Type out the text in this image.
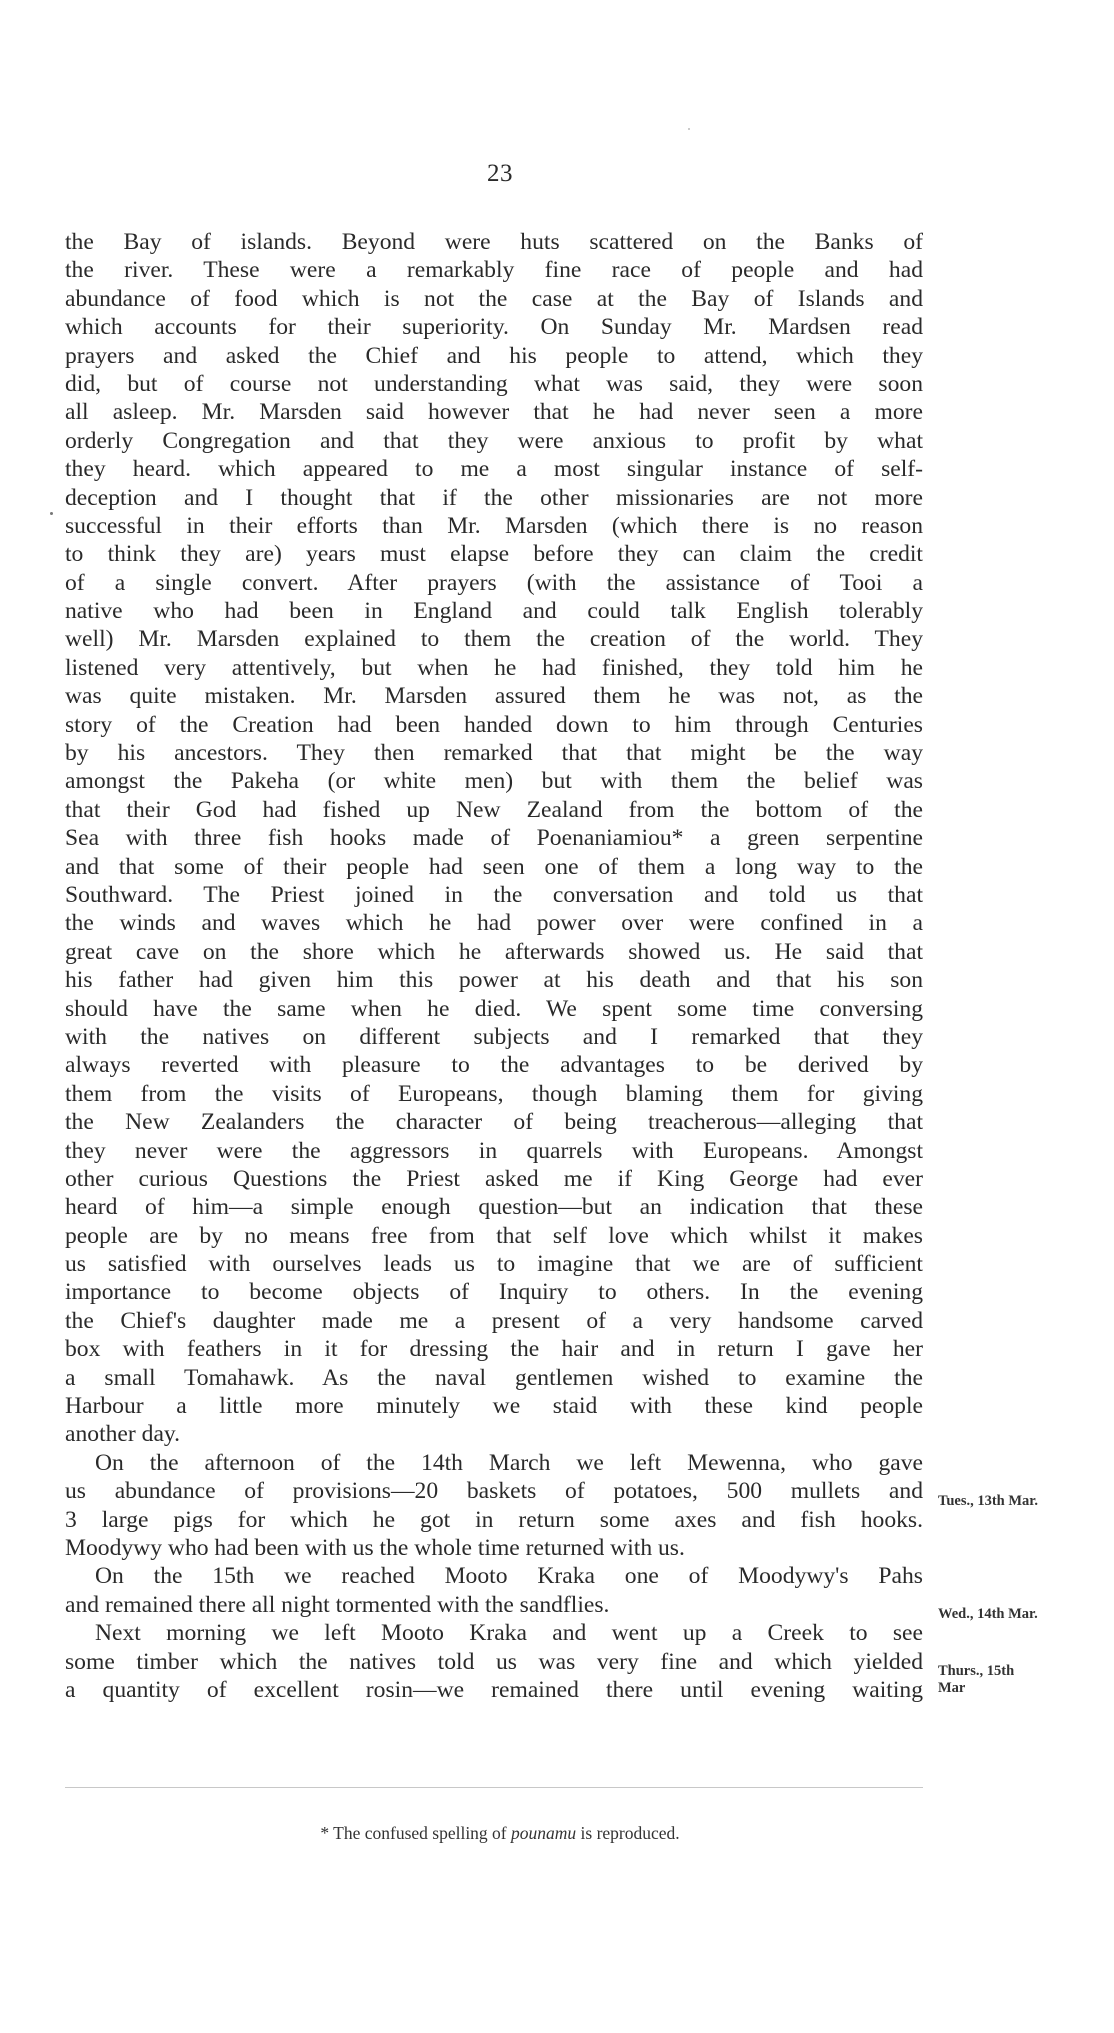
23
the Bay of islands. Beyond were huts scattered on the Banks of
the river. These were a remarkably fine race of people and had
abundance of food which is not the case at the Bay of Islands and
which accounts for their superiority. On Sunday Mr. Mardsen read
prayers and asked the Chief and his people to attend, which they
did, but of course not understanding what was said, they were soon
all asleep. Mr. Marsden said however that he had never seen a more
orderly Congregation and that they were anxious to profit by what
they heard. which appeared to me a most singular instance of self-
deception and I thought that if the other missionaries are not more
successful in their efforts than Mr. Marsden (which there is no reason
to think they are) years must elapse before they can claim the credit
of a single convert. After prayers (with the assistance of Tooi a
native who had been in England and could talk English tolerably
well) Mr. Marsden explained to them the creation of the world. They
listened very attentively, but when he had finished, they told him he
was quite mistaken. Mr. Marsden assured them he was not, as the
story of the Creation had been handed down to him through Centuries
by his ancestors. They then remarked that that might be the way
amongst the Pakeha (or white men) but with them the belief was
that their God had fished up New Zealand from the bottom of the
Sea with three fish hooks made of Poenaniamiou* a green serpentine
and that some of their people had seen one of them a long way to the
Southward. The Priest joined in the conversation and told us that
the winds and waves which he had power over were confined in a
great cave on the shore which he afterwards showed us. He said that
his father had given him this power at his death and that his son
should have the same when he died. We spent some time conversing
with the natives on different subjects and I remarked that they
always reverted with pleasure to the advantages to be derived by
them from the visits of Europeans, though blaming them for giving
the New Zealanders the character of being treacherous—alleging that
they never were the aggressors in quarrels with Europeans. Amongst
other curious Questions the Priest asked me if King George had ever
heard of him—a simple enough question—but an indication that these
people are by no means free from that self love which whilst it makes
us satisfied with ourselves leads us to imagine that we are of sufficient
importance to become objects of Inquiry to others. In the evening
the Chief's daughter made me a present of a very handsome carved
box with feathers in it for dressing the hair and in return I gave her
a small Tomahawk. As the naval gentlemen wished to examine the
Harbour a little more minutely we staid with these kind people
another day.
On the afternoon of the 14th March we left Mewenna, who gave
us abundance of provisions—20 baskets of potatoes, 500 mullets and
3 large pigs for which he got in return some axes and fish hooks.
Moodywy who had been with us the whole time returned with us.
On the 15th we reached Mooto Kraka one of Moodywy's Pahs
and remained there all night tormented with the sandflies.
Next morning we left Mooto Kraka and went up a Creek to see
some timber which the natives told us was very fine and which yielded
a quantity of excellent rosin—we remained there until evening waiting
Tues., 13th Mar.
Wed., 14th Mar.
Thurs., 15th
Mar
* The confused spelling of pounamu is reproduced.
